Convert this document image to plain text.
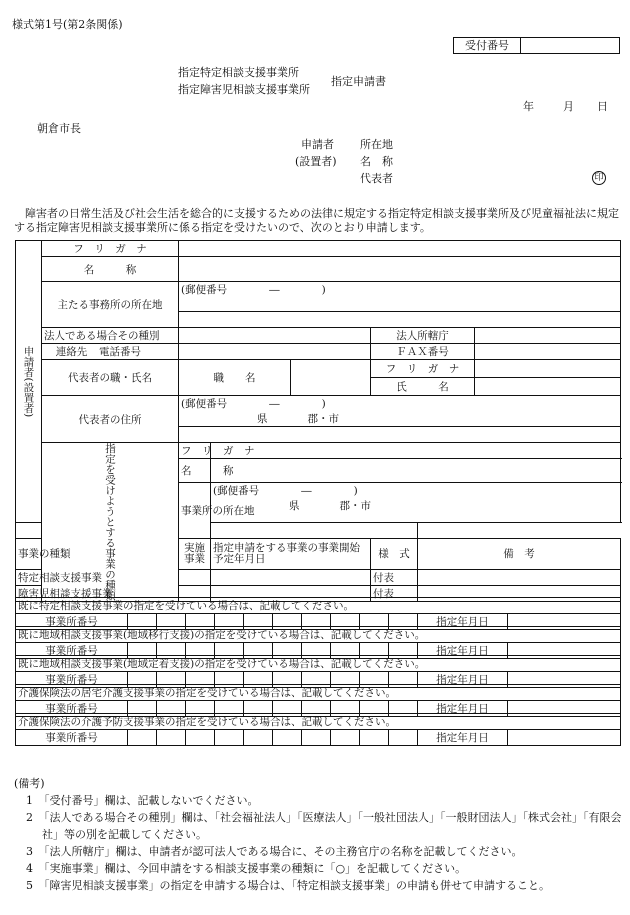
様式第1号(第2条関係)
受付番号
指定特定相談支援事業所
指定障害児相談支援事業所
指定申請書
年	月 日
朝倉市長
申請者
(設置者)
所在地
名　称
代表者	印
障害者の日常生活及び社会生活を総合的に支援するための法律に規定する指定特定相談支援事業所及び児童福祉法に規定する指定障害児相談支援事業所に係る指定を受けたいので、次のとおり申請します。
申請者(設置者)	フ　リ　ガ　ナ						
	名　　　称						
	主たる事務所の所在地	(郵便番号　　　　―　　　　)					

	法人である場合その種別				法人所轄庁		
	連絡先 電話番号				ＦＡＸ番号		
	代表者の職・氏名	職　　名			フ　リ　ガ　ナ		
					氏　　　名		
	代表者の住所	(郵便番号　　　　―　　　　)
県 郡・市					

	指定を受けようとする事業の種類	フ　リ　ガ　ナ					
		名　　　称					
		事業所の所在地	(郵便番号　　　　―　　　　)
県 郡・市				

事業の種類		実施事業	指定申請をする事業の事業開始予定年月日		様　式	備　考	
特定相談支援事業					付表		
障害児相談支援事業					付表		
既に特定相談支援事業の指定を受けている場合は、記載してください。
事業所番号											指定年月日	
既に地域相談支援事業(地域移行支援)の指定を受けている場合は、記載してください。
事業所番号											指定年月日	
既に地域相談支援事業(地域定着支援)の指定を受けている場合は、記載してください。
事業所番号											指定年月日	
介護保険法の居宅介護支援事業の指定を受けている場合は、記載してください。
事業所番号											指定年月日	
介護保険法の介護予防支援事業の指定を受けている場合は、記載してください。
事業所番号											指定年月日	
(備考)
1　「受付番号」欄は、記載しないでください。
2　「法人である場合その種別」欄は、「社会福祉法人」「医療法人」「一般社団法人」「一般財団法人」「株式会社」「有限会社」等の別を記載してください。
3　「法人所轄庁」欄は、申請者が認可法人である場合に、その主務官庁の名称を記載してください。
4　「実施事業」欄は、今回申請をする相談支援事業の種類に「○」を記載してください。
5　「障害児相談支援事業」の指定を申請する場合は、「特定相談支援事業」の申請も併せて申請すること。
